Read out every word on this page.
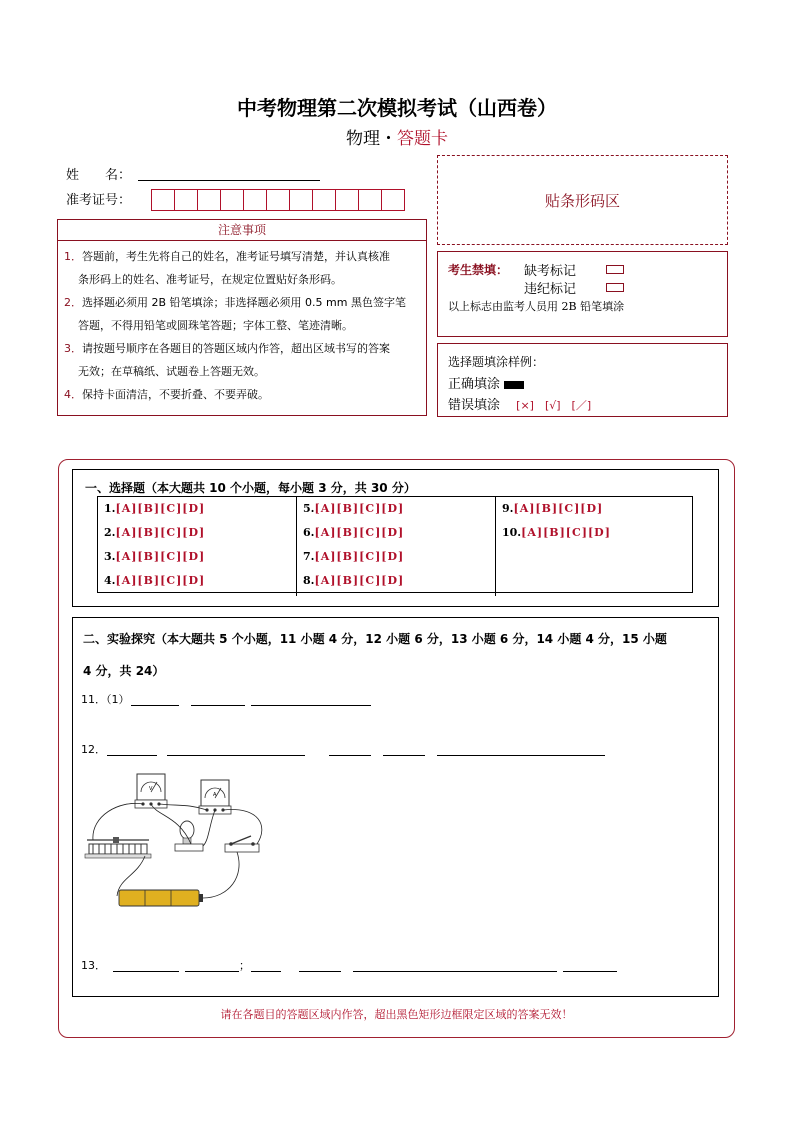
中考物理第二次模拟考试（山西卷）
物理・答题卡
姓　　名：
准考证号：	贴条形码区
注意事项

1．答题前，考生先将自己的姓名，准考证号填写清楚，并认真核准

条形码上的姓名、准考证号，在规定位置贴好条形码。

2．选择题必须用 2B 铅笔填涂；非选择题必须用 0.5 mm 黑色签字笔

答题，不得用铅笔或圆珠笔答题；字体工整、笔迹清晰。

3．请按题号顺序在各题目的答题区域内作答，超出区域书写的答案

无效；在草稿纸、试题卷上答题无效。

4．保持卡面清洁，不要折叠、不要弄破。

考生禁填： 缺考标记
违纪标记
以上标志由监考人员用 2B 铅笔填涂
选择题填涂样例：
正确填涂
错误填涂 [×]　[√]　[／]
一、选择题（本大题共 10 个小题，每小题 3 分，共 30 分）
1.[A][B][C][D]
2.[A][B][C][D]
3.[A][B][C][D]
4.[A][B][C][D]
5.[A][B][C][D]
6.[A][B][C][D]
7.[A][B][C][D]
8.[A][B][C][D]
9.[A][B][C][D]
10.[A][B][C][D]
二、实验探究（本大题共 5 个小题，11 小题 4 分，12 小题 6 分，13 小题 6 分，14 小题 4 分，15 小题
4 分，共 24）
11．（1）
12．
V
A
13．	；
请在各题目的答题区域内作答，超出黑色矩形边框限定区域的答案无效！
